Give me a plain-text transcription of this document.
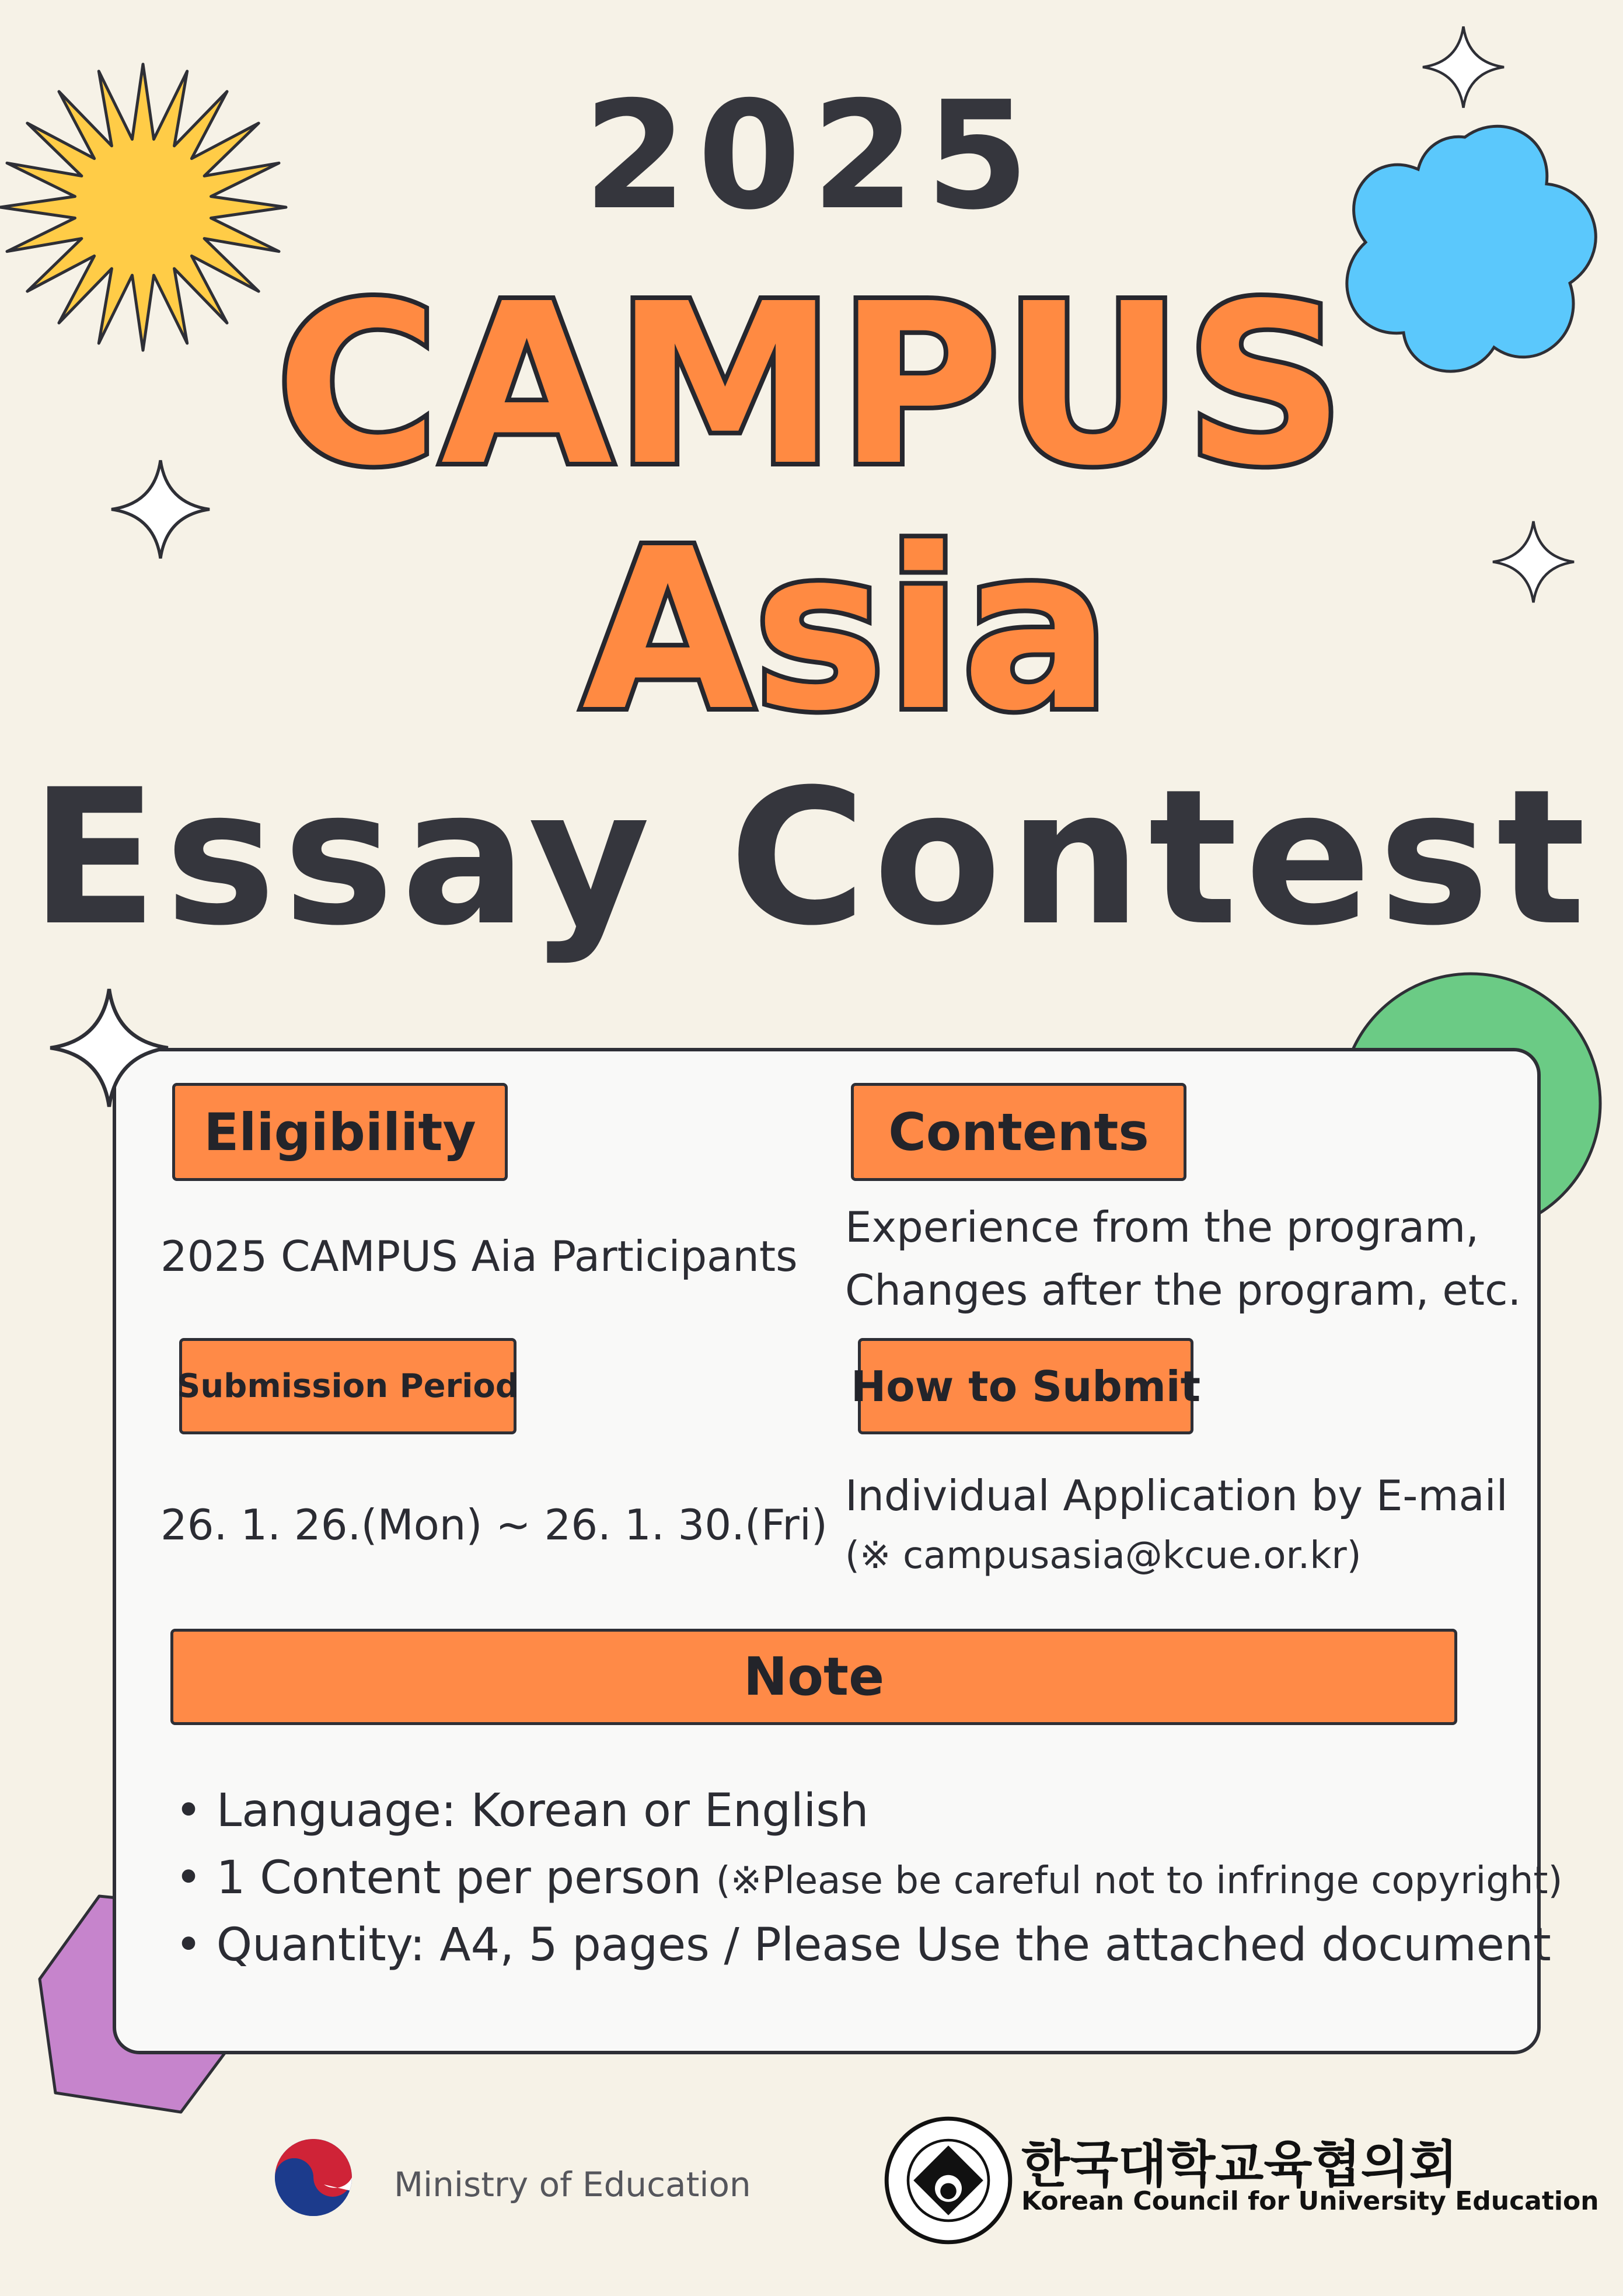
2025
CAMPUS
Asia
Essay Contest
Eligibility
2025 CAMPUS Aia Participants
Contents
Experience from the program,
Changes after the program, etc.
Submission Period
26. 1. 26.(Mon) ~ 26. 1. 30.(Fri)
How to Submit
Individual Application by E-mail
(※ campusasia@kcue.or.kr)
Note
• Language: Korean or English
• 1 Content per person (※Please be careful not to infringe copyright)
• Quantity: A4, 5 pages / Please Use the attached document
Ministry of Education	한국대학교육협의회
Korean Council for University Education
